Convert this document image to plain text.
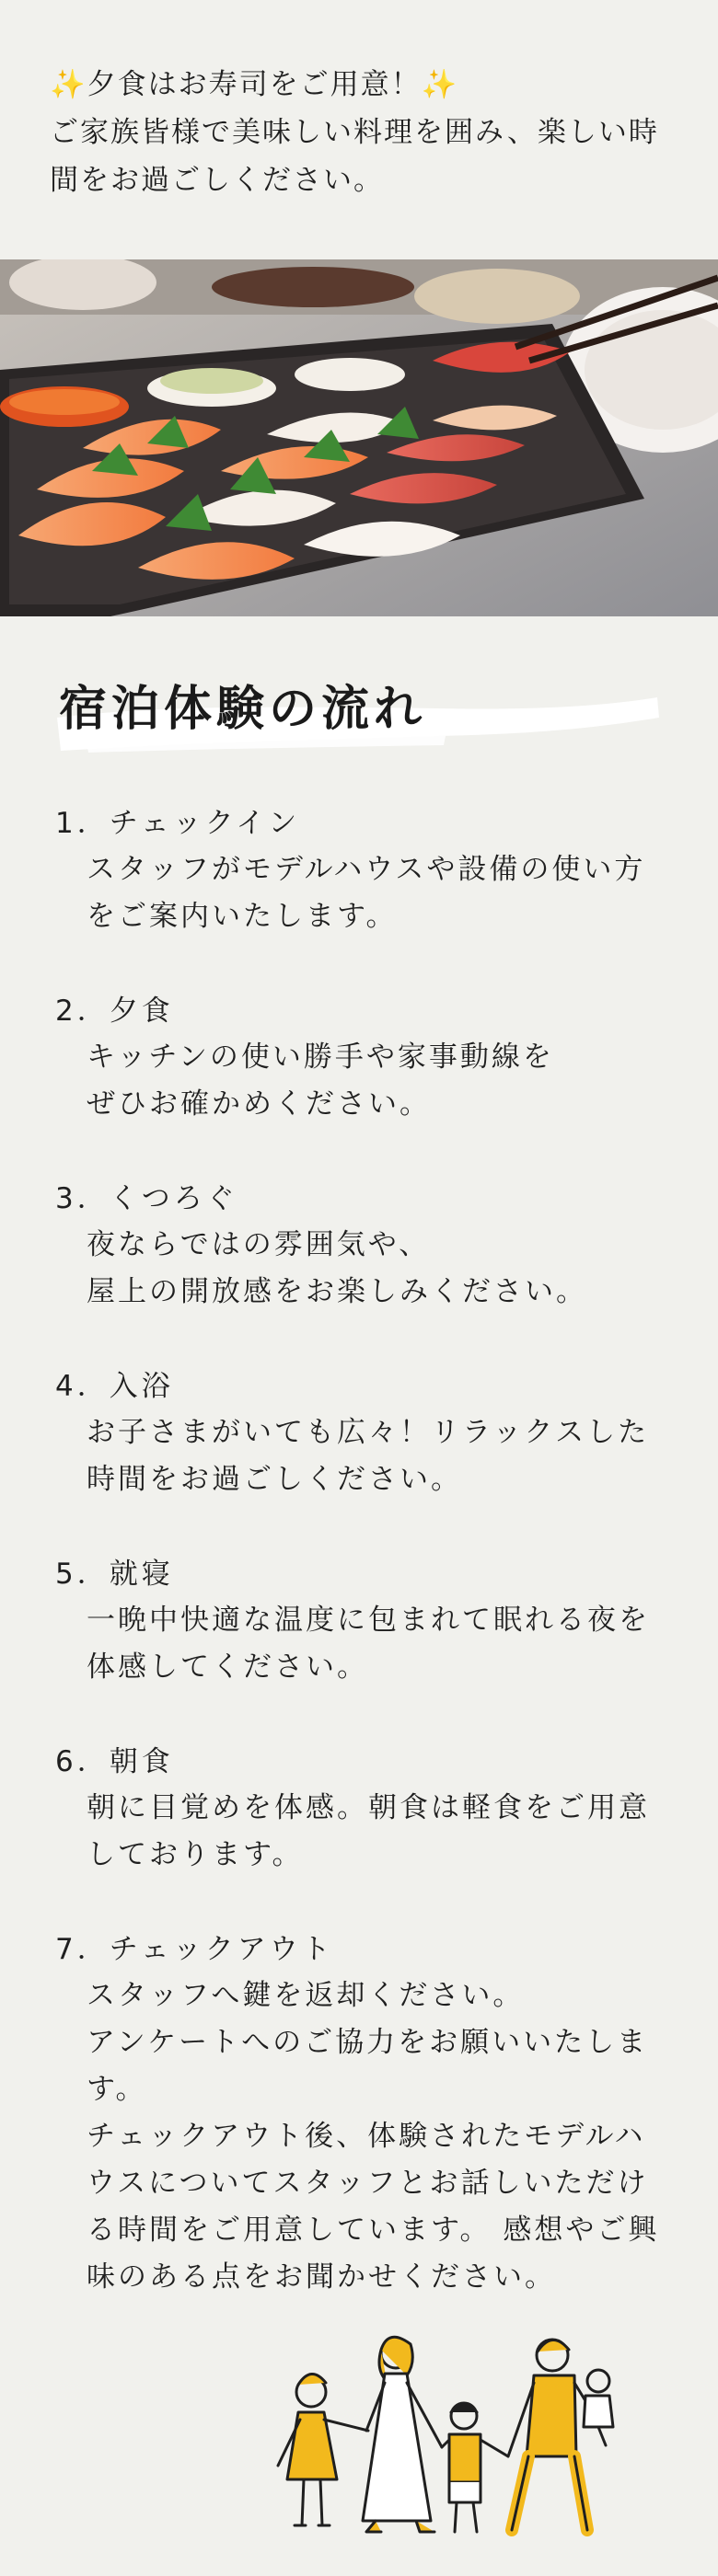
✨夕食はお寿司をご用意！✨
ご家族皆様で美味しい料理を囲み、楽しい時間をお過ごしください。
宿泊体験の流れ
1．チェックイン
スタッフがモデルハウスや設備の使い方をご案内いたします。
2．夕食
キッチンの使い勝手や家事動線を
ぜひお確かめください。
3．くつろぐ
夜ならではの雰囲気や、
屋上の開放感をお楽しみください。
4．入浴
お子さまがいても広々！リラックスした時間をお過ごしください。
5．就寝
一晩中快適な温度に包まれて眠れる夜を体感してください。
6．朝食
朝に目覚めを体感。朝食は軽食をご用意しております。
7．チェックアウト
スタッフへ鍵を返却ください。
アンケートへのご協力をお願いいたします。
チェックアウト後、体験されたモデルハウスについてスタッフとお話しいただける時間をご用意しています。 感想やご興味のある点をお聞かせください。
